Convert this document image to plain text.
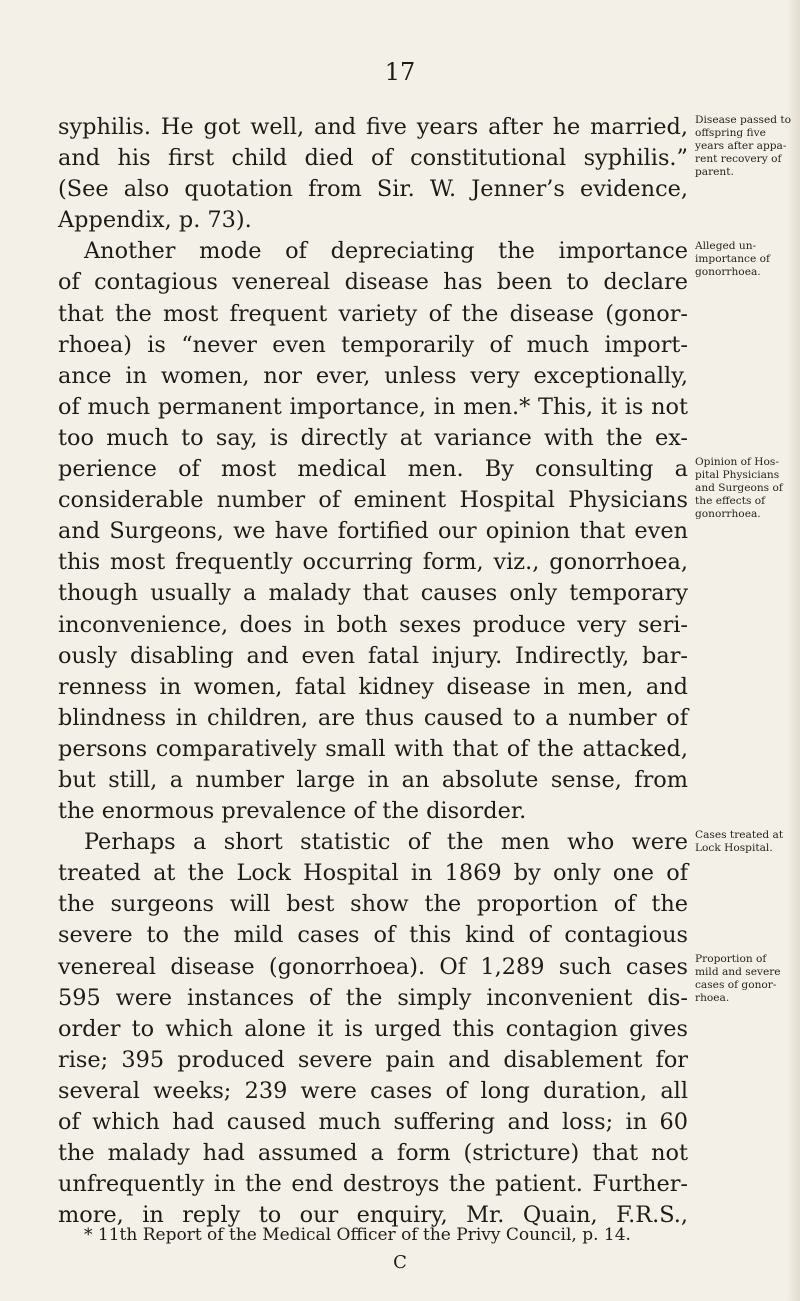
17
syphilis. He got well, and five years after he married,
and his first child died of constitutional syphilis.”
(See also quotation from Sir. W. Jenner’s evidence,
Appendix, p. 73).
Another mode of depreciating the importance
of contagious venereal disease has been to declare
that the most frequent variety of the disease (gonor-
rhoea) is “never even temporarily of much import-
ance in women, nor ever, unless very exceptionally,
of much permanent importance, in men.* This, it is not
too much to say, is directly at variance with the ex-
perience of most medical men. By consulting a
considerable number of eminent Hospital Physicians
and Surgeons, we have fortified our opinion that even
this most frequently occurring form, viz., gonorrhoea,
though usually a malady that causes only temporary
inconvenience, does in both sexes produce very seri-
ously disabling and even fatal injury. Indirectly, bar-
renness in women, fatal kidney disease in men, and
blindness in children, are thus caused to a number of
persons comparatively small with that of the attacked,
but still, a number large in an absolute sense, from
the enormous prevalence of the disorder.
Perhaps a short statistic of the men who were
treated at the Lock Hospital in 1869 by only one of
the surgeons will best show the proportion of the
severe to the mild cases of this kind of contagious
venereal disease (gonorrhoea). Of 1,289 such cases
595 were instances of the simply inconvenient dis-
order to which alone it is urged this contagion gives
rise; 395 produced severe pain and disablement for
several weeks; 239 were cases of long duration, all
of which had caused much suffering and loss; in 60
the malady had assumed a form (stricture) that not
unfrequently in the end destroys the patient. Further-
more, in reply to our enquiry, Mr. Quain, F.R.S.,
Disease passed to
offspring five
years after appa-
rent recovery of
parent.
Alleged un-
importance of
gonorrhoea.
Opinion of Hos-
pital Physicians
and Surgeons of
the effects of
gonorrhoea.
Cases treated at
Lock Hospital.
Proportion of
mild and severe
cases of gonor-
rhoea.
* 11th Report of the Medical Officer of the Privy Council, p. 14.
C
